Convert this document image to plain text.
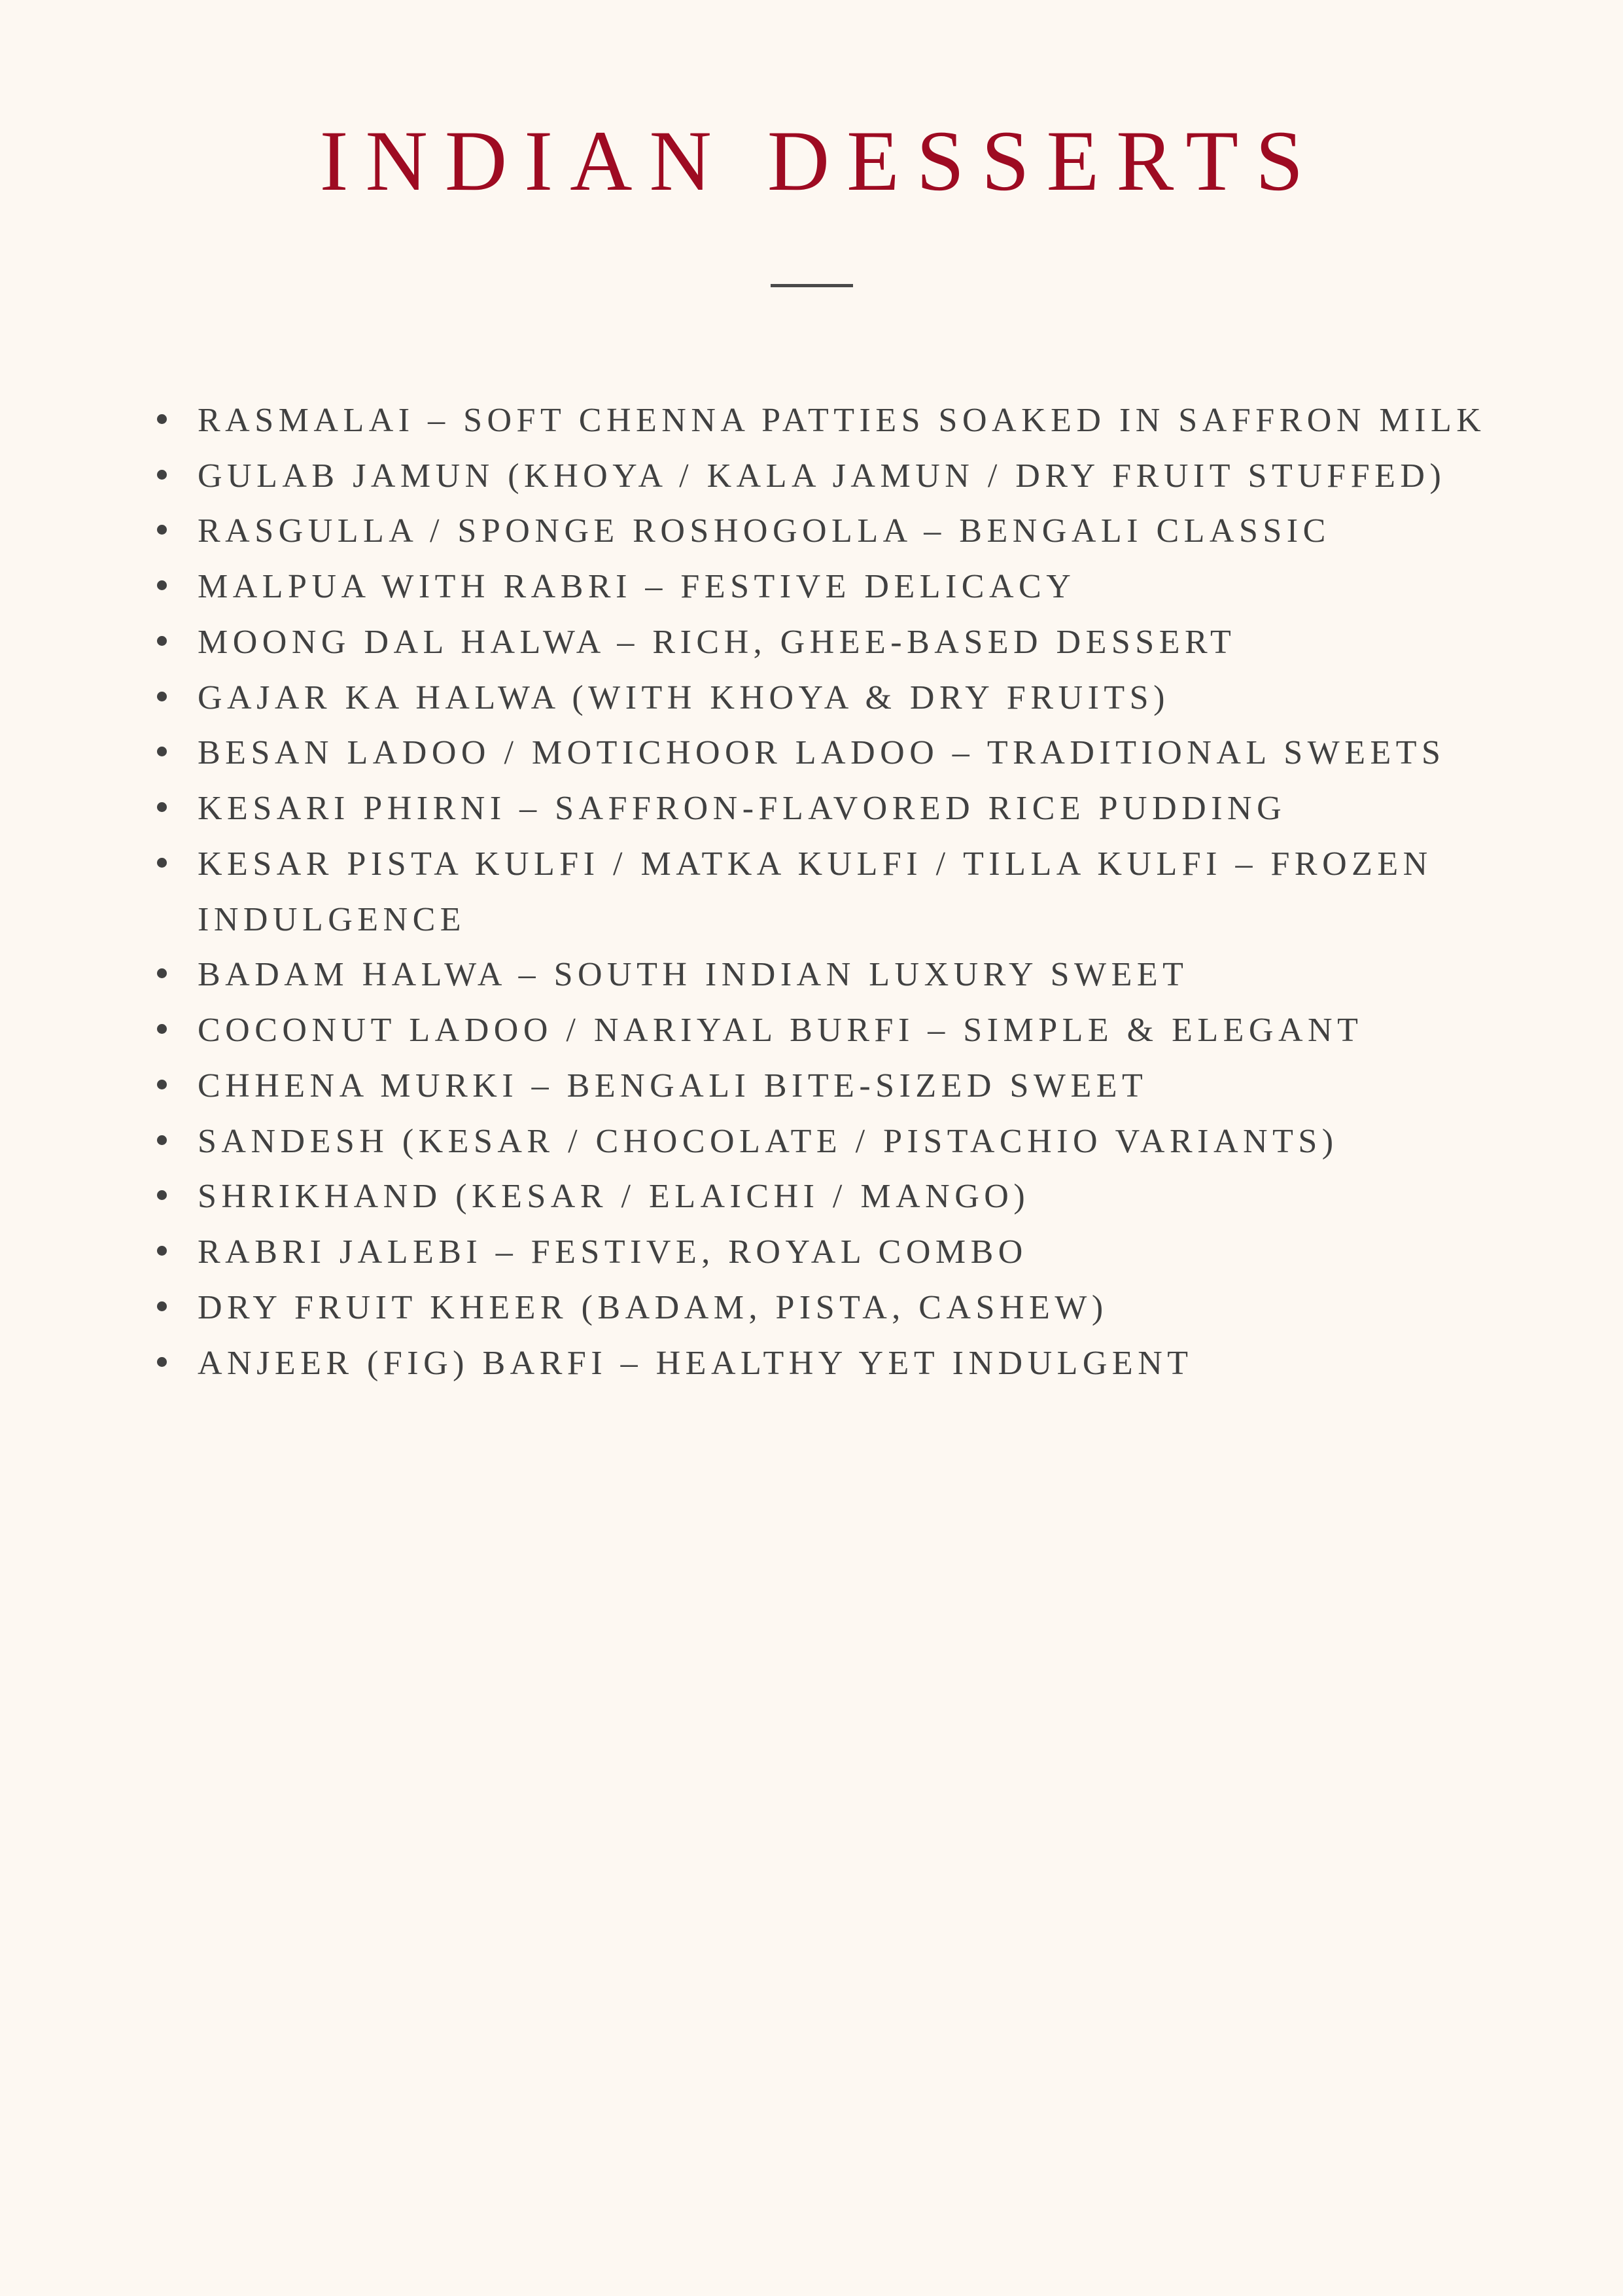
INDIAN DESSERTS
RASMALAI – SOFT CHENNA PATTIES SOAKED IN SAFFRON MILK
GULAB JAMUN (KHOYA / KALA JAMUN / DRY FRUIT STUFFED)
RASGULLA / SPONGE ROSHOGOLLA – BENGALI CLASSIC
MALPUA WITH RABRI – FESTIVE DELICACY
MOONG DAL HALWA – RICH, GHEE-BASED DESSERT
GAJAR KA HALWA (WITH KHOYA & DRY FRUITS)
BESAN LADOO / MOTICHOOR LADOO – TRADITIONAL SWEETS
KESARI PHIRNI – SAFFRON-FLAVORED RICE PUDDING
KESAR PISTA KULFI / MATKA KULFI / TILLA KULFI – FROZEN INDULGENCE
BADAM HALWA – SOUTH INDIAN LUXURY SWEET
COCONUT LADOO / NARIYAL BURFI – SIMPLE & ELEGANT
CHHENA MURKI – BENGALI BITE-SIZED SWEET
SANDESH (KESAR / CHOCOLATE / PISTACHIO VARIANTS)
SHRIKHAND (KESAR / ELAICHI / MANGO)
RABRI JALEBI – FESTIVE, ROYAL COMBO
DRY FRUIT KHEER (BADAM, PISTA, CASHEW)
ANJEER (FIG) BARFI – HEALTHY YET INDULGENT
